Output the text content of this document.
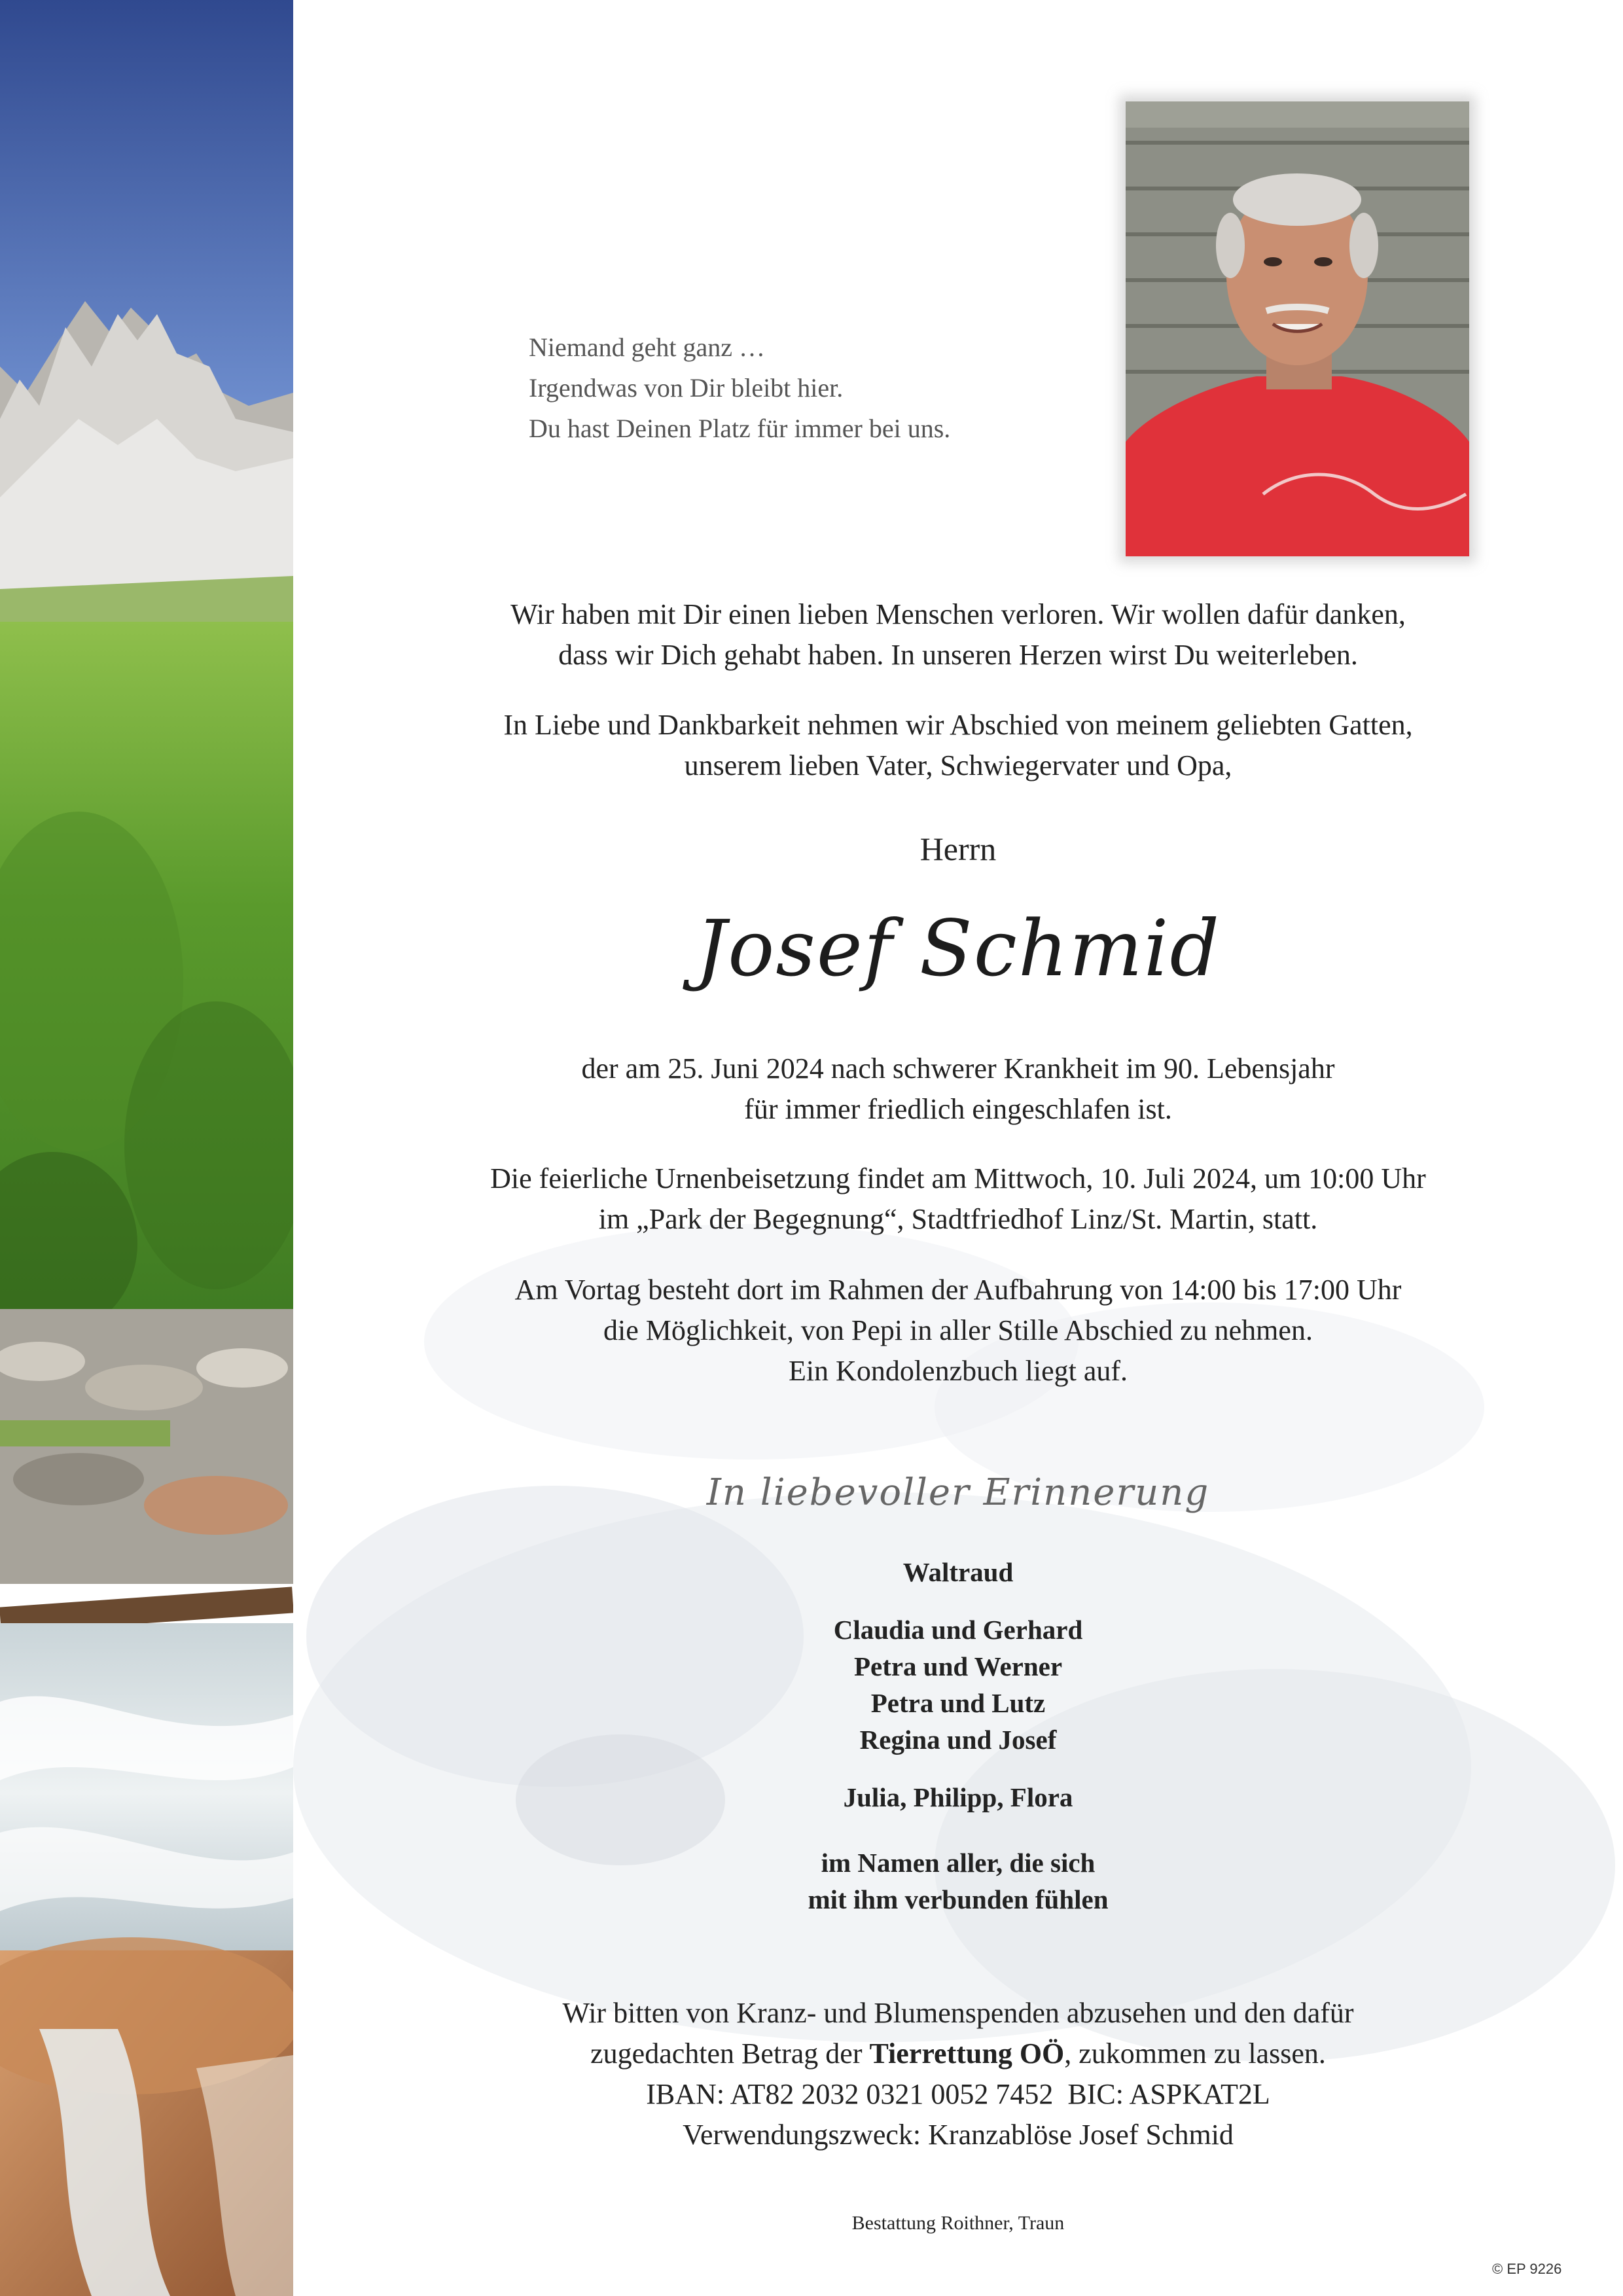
Niemand geht ganz …
Irgendwas von Dir bleibt hier.
Du hast Deinen Platz für immer bei uns.
Wir haben mit Dir einen lieben Menschen verloren. Wir wollen dafür danken,
dass wir Dich gehabt haben. In unseren Herzen wirst Du weiterleben.
In Liebe und Dankbarkeit nehmen wir Abschied von meinem geliebten Gatten,
unserem lieben Vater, Schwiegervater und Opa,
Herrn
Josef Schmid
der am 25. Juni 2024 nach schwerer Krankheit im 90. Lebensjahr
für immer friedlich eingeschlafen ist.
Die feierliche Urnenbeisetzung findet am Mittwoch, 10. Juli 2024, um 10:00 Uhr
im „Park der Begegnung“, Stadtfriedhof Linz/St. Martin, statt.
Am Vortag besteht dort im Rahmen der Aufbahrung von 14:00 bis 17:00 Uhr
die Möglichkeit, von Pepi in aller Stille Abschied zu nehmen.
Ein Kondolenzbuch liegt auf.
In liebevoller Erinnerung
Waltraud
Claudia und Gerhard
Petra und Werner
Petra und Lutz
Regina und Josef
Julia, Philipp, Flora
im Namen aller, die sich
mit ihm verbunden fühlen
Wir bitten von Kranz- und Blumenspenden abzusehen und den dafür
zugedachten Betrag der Tierrettung OÖ, zukommen zu lassen.
IBAN: AT82 2032 0321 0052 7452  BIC: ASPKAT2L
Verwendungszweck: Kranzablöse Josef Schmid
Bestattung Roithner, Traun
© EP 9226
